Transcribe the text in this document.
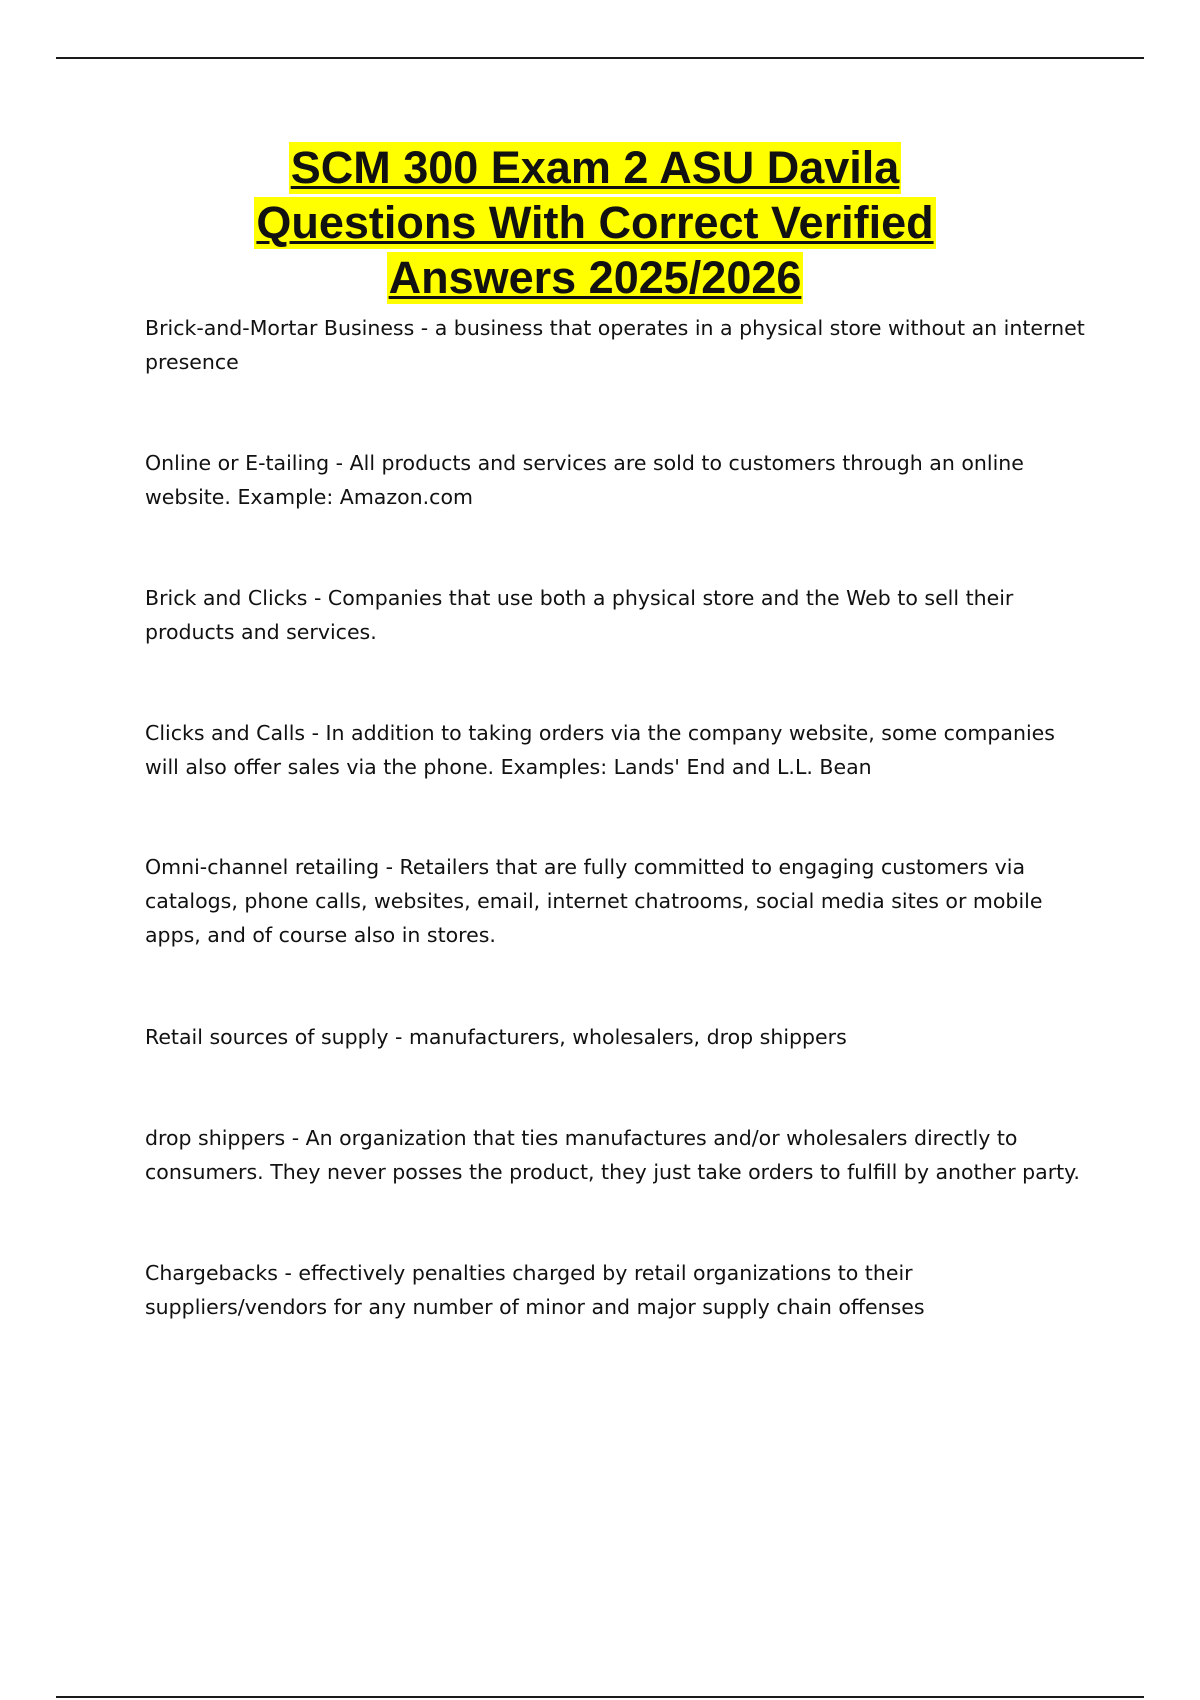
SCM 300 Exam 2 ASU Davila
Questions With Correct Verified
Answers 2025/2026
Brick-and-Mortar Business - a business that operates in a physical store without an internet presence
Online or E-tailing - All products and services are sold to customers through an online website. Example: Amazon.com
Brick and Clicks - Companies that use both a physical store and the Web to sell their products and services.
Clicks and Calls - In addition to taking orders via the company website, some companies will also offer sales via the phone. Examples: Lands' End and L.L. Bean
Omni-channel retailing - Retailers that are fully committed to engaging customers via catalogs, phone calls, websites, email, internet chatrooms, social media sites or mobile apps, and of course also in stores.
Retail sources of supply - manufacturers, wholesalers, drop shippers
drop shippers - An organization that ties manufactures and/or wholesalers directly to consumers. They never posses the product, they just take orders to fulfill by another party.
Chargebacks - effectively penalties charged by retail organizations to their suppliers/vendors for any number of minor and major supply chain offenses
